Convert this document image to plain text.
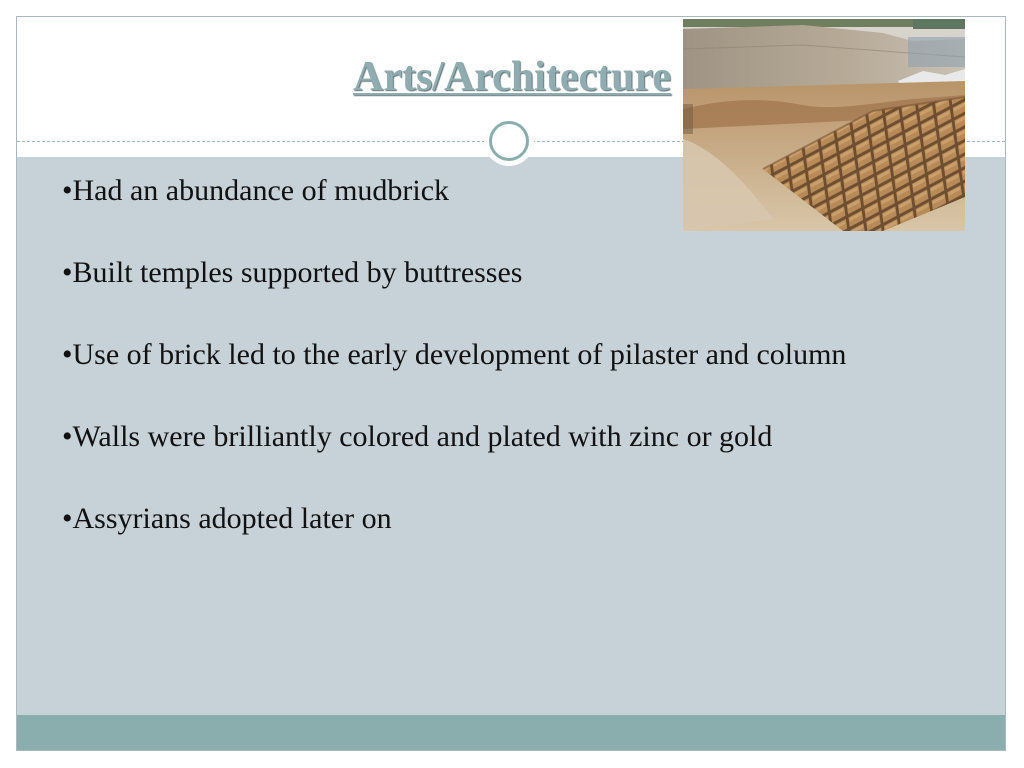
Arts/Architecture
•Had an abundance of mudbrick
•Built temples supported by buttresses
•Use of brick led to the early development of pilaster and column
•Walls were brilliantly colored and plated with zinc or gold
•Assyrians adopted later on
